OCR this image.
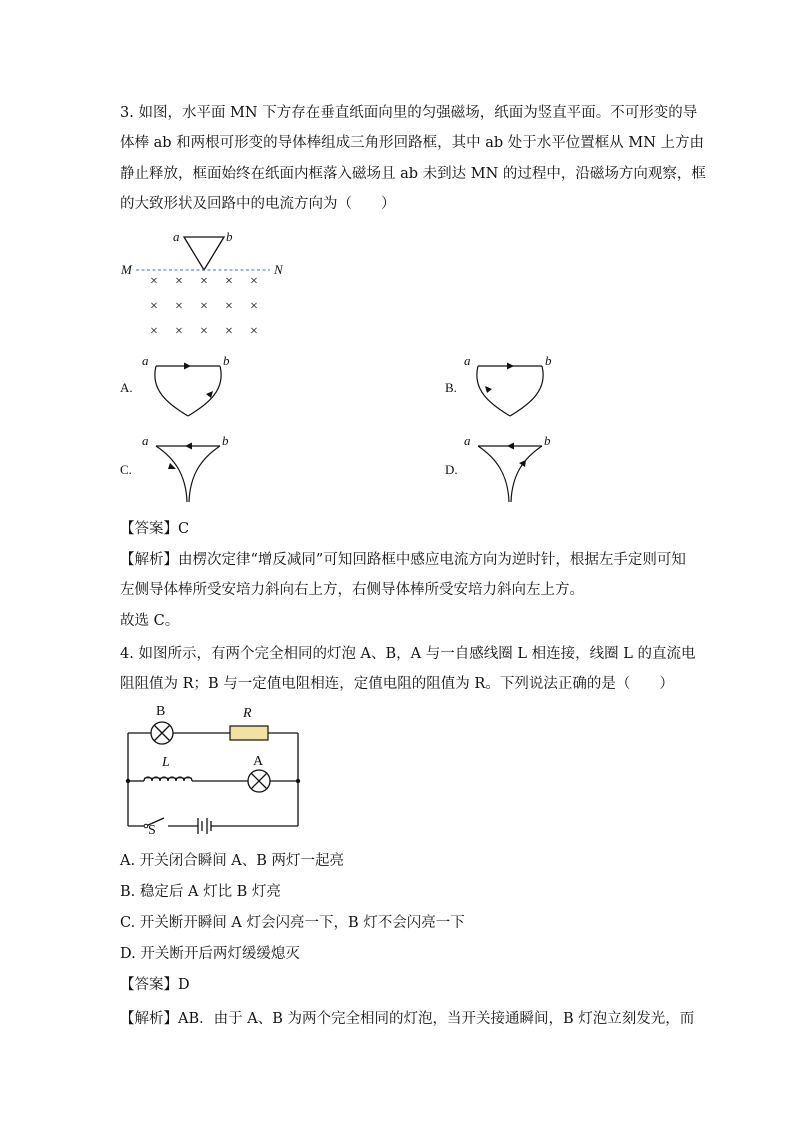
3. 如图，水平面 MN 下方存在垂直纸面向里的匀强磁场，纸面为竖直平面。不可形变的导
体棒 ab 和两根可形变的导体棒组成三角形回路框，其中 ab 处于水平位置框从 MN 上方由
静止释放，框面始终在纸面内框落入磁场且 ab 未到达 MN 的过程中，沿磁场方向观察，框
的大致形状及回路中的电流方向为（　　）
× × × × ×
× × × × ×
× × × × ×
a	b
M	N
A.
a	b
B.
a	b
C.
a	b
D.
a	b
【答案】C
【解析】由楞次定律“增反减同”可知回路框中感应电流方向为逆时针，根据左手定则可知
左侧导体棒所受安培力斜向右上方，右侧导体棒所受安培力斜向左上方。
故选 C。
4. 如图所示，有两个完全相同的灯泡 A、B，A 与一自感线圈 L 相连接，线圈 L 的直流电
阻阻值为 R；B 与一定值电阻相连，定值电阻的阻值为 R。下列说法正确的是（　　）
B	R
L	A
S
A. 开关闭合瞬间 A、B 两灯一起亮
B. 稳定后 A 灯比 B 灯亮
C. 开关断开瞬间 A 灯会闪亮一下，B 灯不会闪亮一下
D. 开关断开后两灯缓缓熄灭
【答案】D
【解析】AB．由于 A、B 为两个完全相同的灯泡，当开关接通瞬间，B 灯泡立刻发光，而
